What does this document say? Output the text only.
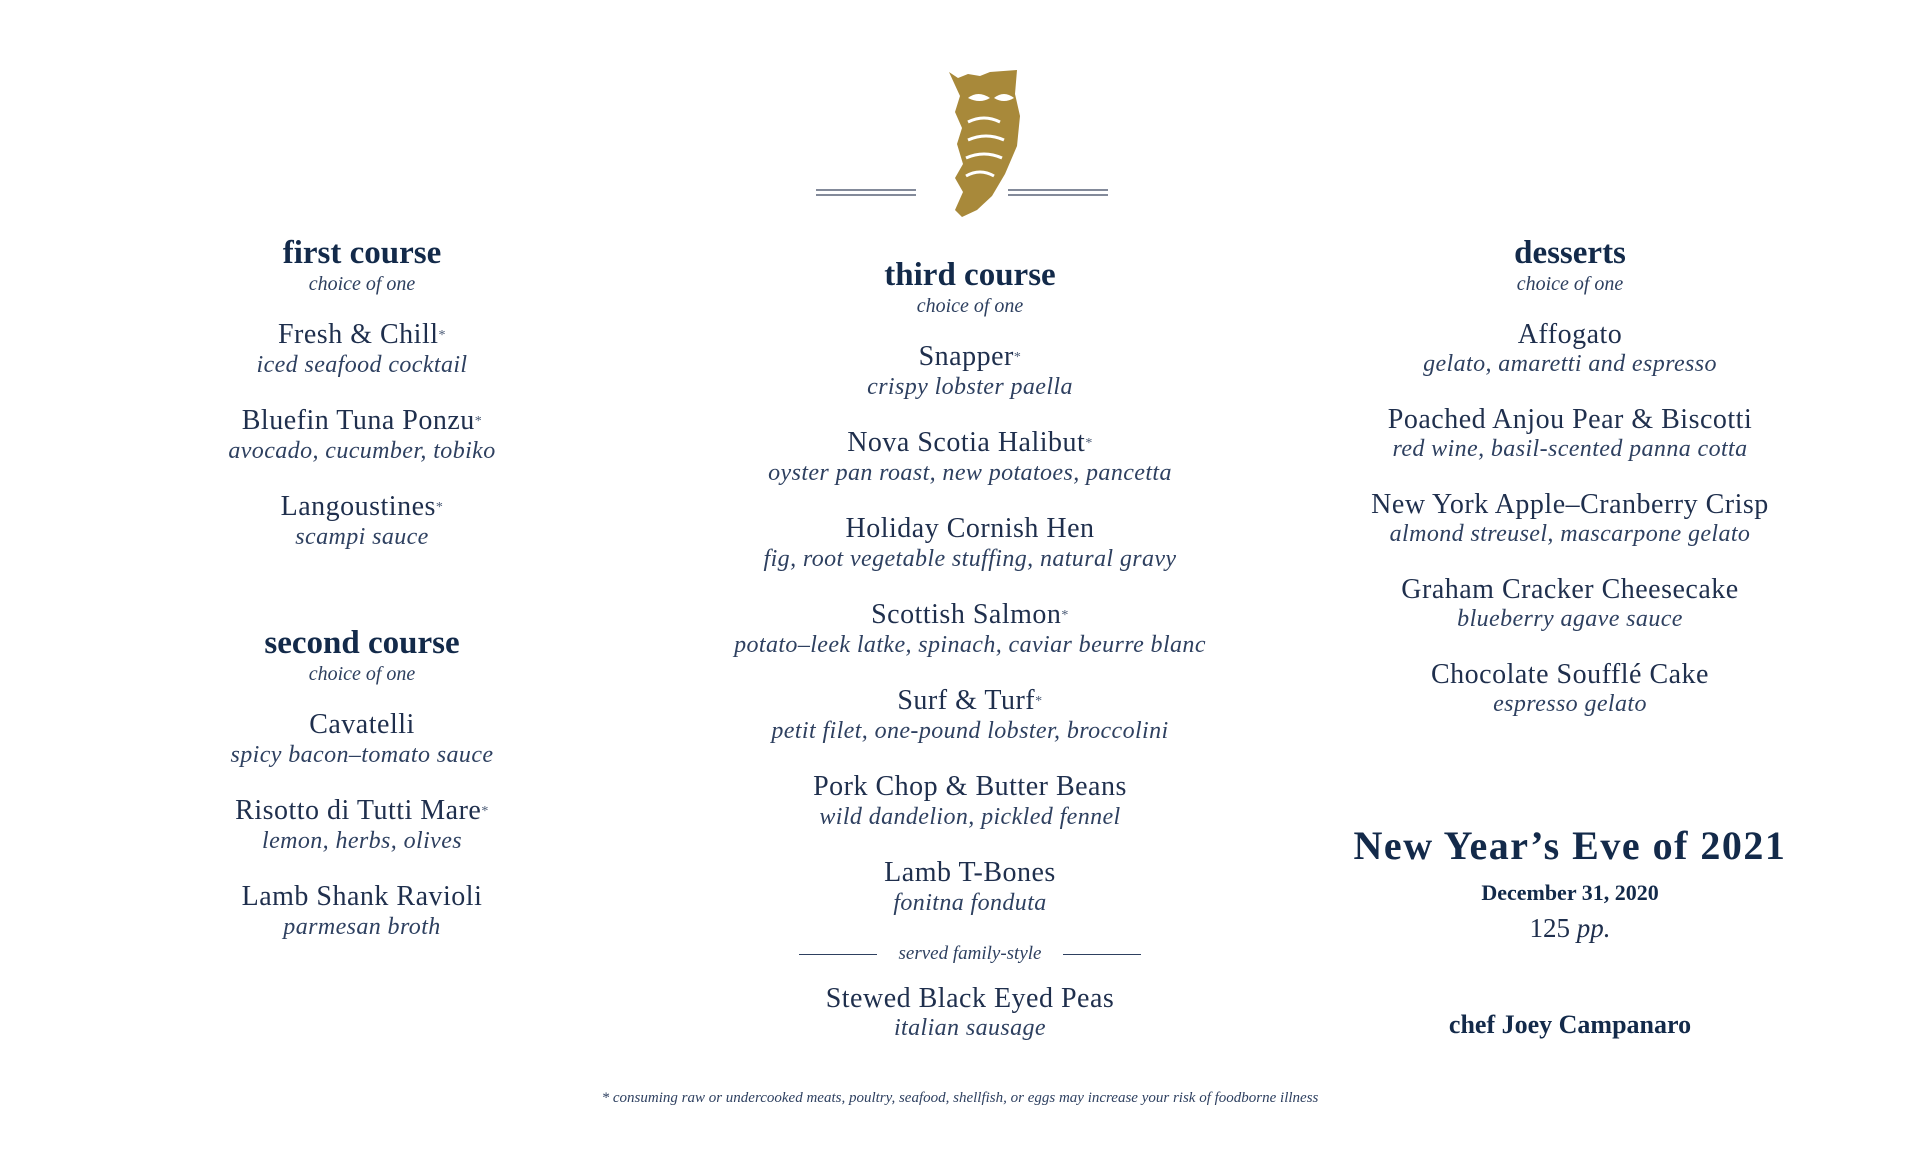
first course
choice of one
Fresh & Chill*
iced seafood cocktail
Bluefin Tuna Ponzu*
avocado, cucumber, tobiko
Langoustines*
scampi sauce
second course
choice of one
Cavatelli
spicy bacon–tomato sauce
Risotto di Tutti Mare*
lemon, herbs, olives
Lamb Shank Ravioli
parmesan broth
third course
choice of one
Snapper*
crispy lobster paella
Nova Scotia Halibut*
oyster pan roast, new potatoes, pancetta
Holiday Cornish Hen
fig, root vegetable stuffing, natural gravy
Scottish Salmon*
potato–leek latke, spinach, caviar beurre blanc
Surf & Turf*
petit filet, one-pound lobster, broccolini
Pork Chop & Butter Beans
wild dandelion, pickled fennel
Lamb T-Bones
fonitna fonduta
served family-style
Stewed Black Eyed Peas
italian sausage
desserts
choice of one
Affogato
gelato, amaretti and espresso
Poached Anjou Pear & Biscotti
red wine, basil-scented panna cotta
New York Apple–Cranberry Crisp
almond streusel, mascarpone gelato
Graham Cracker Cheesecake
blueberry agave sauce
Chocolate Soufflé Cake
espresso gelato
New Year’s Eve of 2021
December 31, 2020
125 pp.
chef Joey Campanaro
* consuming raw or undercooked meats, poultry, seafood, shellfish, or eggs may increase your risk of foodborne illness
